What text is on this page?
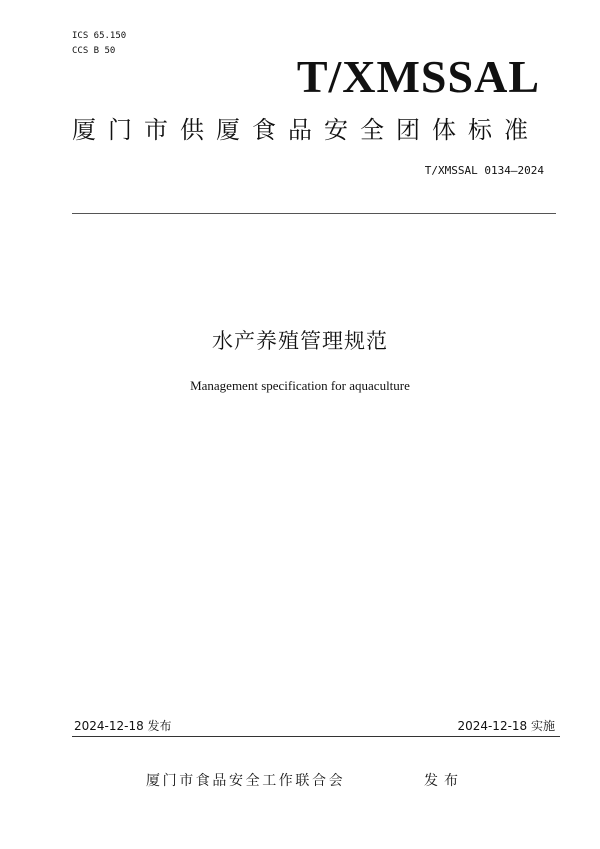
ICS 65.150
CCS B 50	T/XMSSAL
厦门市供厦食品安全团体标准
T/XMSSAL 0134—2024
水产养殖管理规范
Management specification for aquaculture
2024-12-18 发布	2024-12-18 实施
厦门市食品安全工作联合会	发布
